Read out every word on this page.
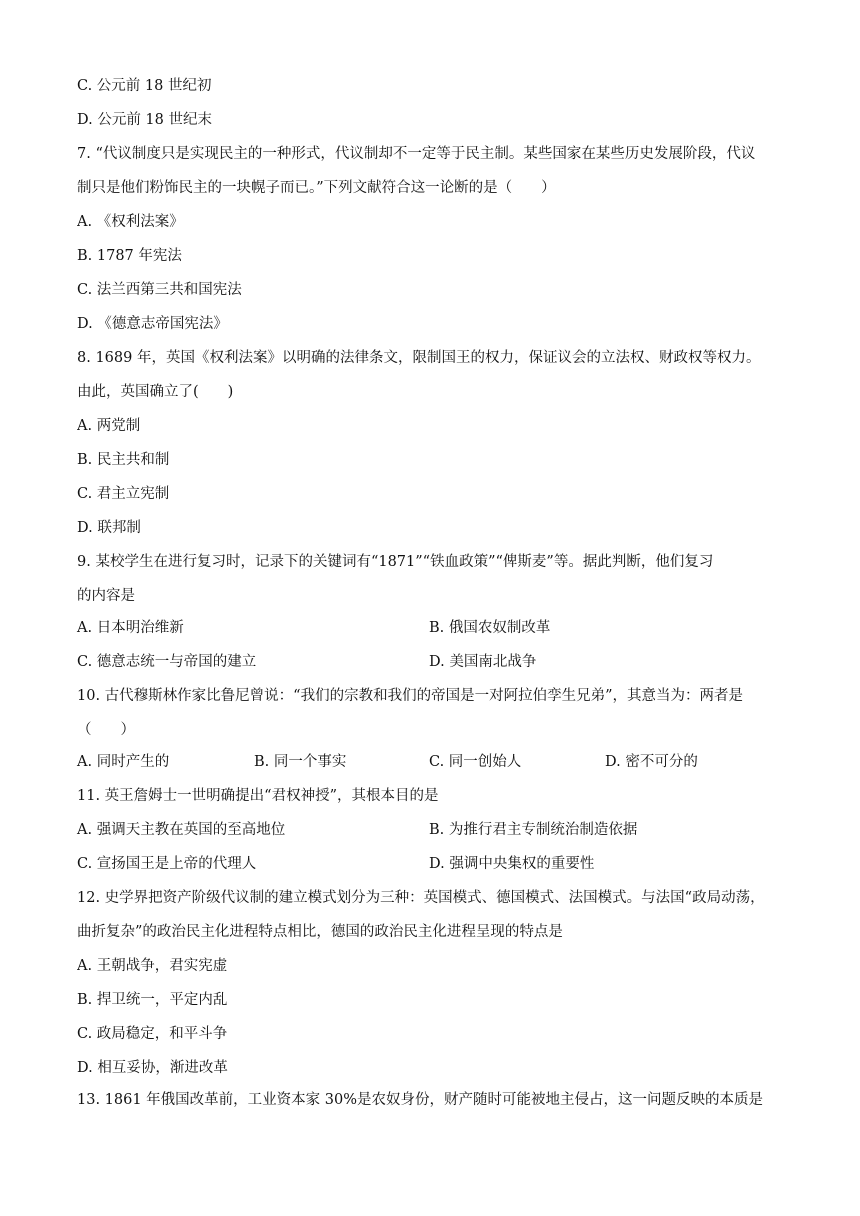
C. 公元前 18 世纪初
D. 公元前 18 世纪末
7. “代议制度只是实现民主的一种形式，代议制却不一定等于民主制。某些国家在某些历史发展阶段，代议
制只是他们粉饰民主的一块幌子而已。”下列文献符合这一论断的是（　　）
A. 《权利法案》
B. 1787 年宪法
C. 法兰西第三共和国宪法
D. 《德意志帝国宪法》
8. 1689 年，英国《权利法案》以明确的法律条文，限制国王的权力，保证议会的立法权、财政权等权力。
由此，英国确立了(　　)
A. 两党制
B. 民主共和制
C. 君主立宪制
D. 联邦制
9. 某校学生在进行复习时，记录下的关键词有“1871”“铁血政策”“俾斯麦”等。据此判断，他们复习
的内容是
A. 日本明治维新	B. 俄国农奴制改革
C. 德意志统一与帝国的建立	D. 美国南北战争
10. 古代穆斯林作家比鲁尼曾说：“我们的宗教和我们的帝国是一对阿拉伯孪生兄弟”，其意当为：两者是
（　　）
A. 同时产生的	B. 同一个事实	C. 同一创始人	D. 密不可分的
11. 英王詹姆士一世明确提出“君权神授”，其根本目的是
A. 强调天主教在英国的至高地位	B. 为推行君主专制统治制造依据
C. 宣扬国王是上帝的代理人	D. 强调中央集权的重要性
12. 史学界把资产阶级代议制的建立模式划分为三种：英国模式、德国模式、法国模式。与法国“政局动荡，
曲折复杂”的政治民主化进程特点相比，德国的政治民主化进程呈现的特点是
A. 王朝战争，君实宪虚
B. 捍卫统一，平定内乱
C. 政局稳定，和平斗争
D. 相互妥协，渐进改革
13. 1861 年俄国改革前，工业资本家 30%是农奴身份，财产随时可能被地主侵占，这一问题反映的本质是
